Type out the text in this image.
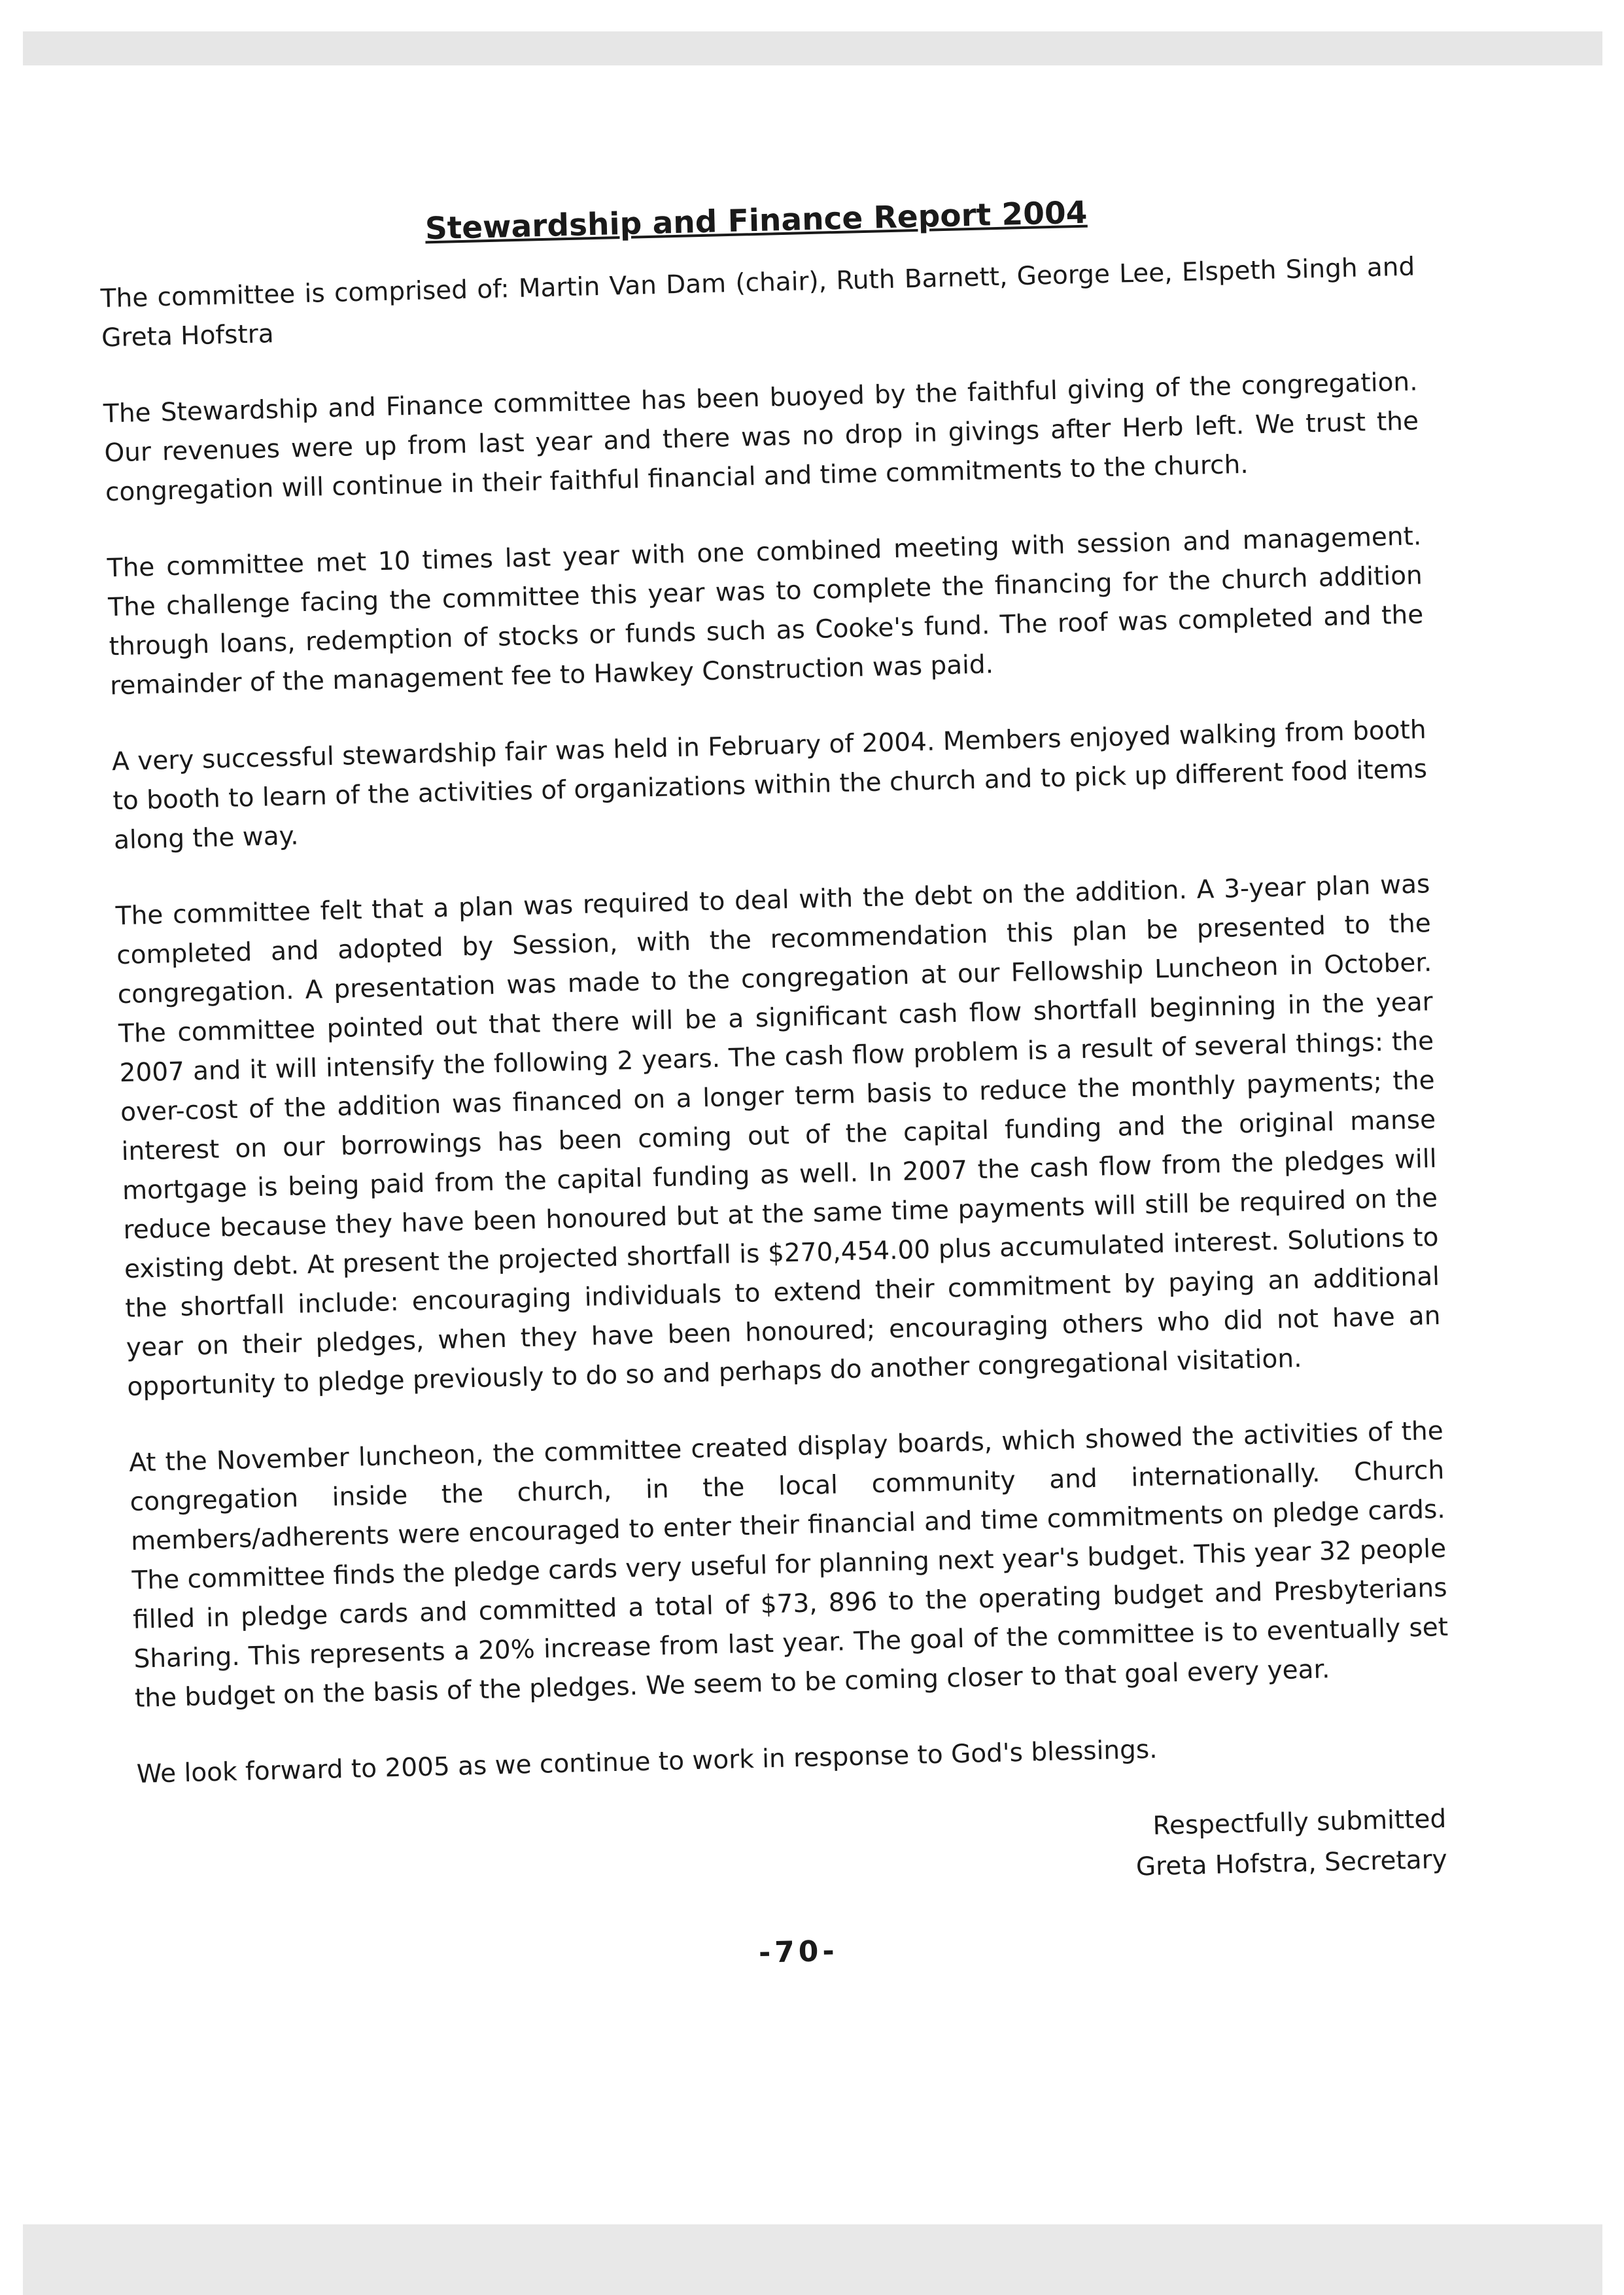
Stewardship and Finance Report 2004

The committee is comprised of: Martin Van Dam (chair), Ruth Barnett, George Lee, Elspeth Singh and Greta Hofstra

The Stewardship and Finance committee has been buoyed by the faithful giving of the congregation. Our revenues were up from last year and there was no drop in givings after Herb left. We trust the congregation will continue in their faithful financial and time commitments to the church.

The committee met 10 times last year with one combined meeting with session and management. The challenge facing the committee this year was to complete the financing for the church addition through loans, redemption of stocks or funds such as Cooke's fund. The roof was completed and the remainder of the management fee to Hawkey Construction was paid.

A very successful stewardship fair was held in February of 2004. Members enjoyed walking from booth to booth to learn of the activities of organizations within the church and to pick up different food items along the way.

The committee felt that a plan was required to deal with the debt on the addition. A 3-year plan was completed and adopted by Session, with the recommendation this plan be presented to the congregation. A presentation was made to the congregation at our Fellowship Luncheon in October. The committee pointed out that there will be a significant cash flow shortfall beginning in the year 2007 and it will intensify the following 2 years. The cash flow problem is a result of several things: the over-cost of the addition was financed on a longer term basis to reduce the monthly payments; the interest on our borrowings has been coming out of the capital funding and the original manse mortgage is being paid from the capital funding as well. In 2007 the cash flow from the pledges will reduce because they have been honoured but at the same time payments will still be required on the existing debt. At present the projected shortfall is $270,454.00 plus accumulated interest. Solutions to the shortfall include: encouraging individuals to extend their commitment by paying an additional year on their pledges, when they have been honoured; encouraging others who did not have an opportunity to pledge previously to do so and perhaps do another congregational visitation.

At the November luncheon, the committee created display boards, which showed the activities of the congregation inside the church, in the local community and internationally. Church members/adherents were encouraged to enter their financial and time commitments on pledge cards. The committee finds the pledge cards very useful for planning next year's budget. This year 32 people filled in pledge cards and committed a total of $73, 896 to the operating budget and Presbyterians Sharing. This represents a 20% increase from last year. The goal of the committee is to eventually set the budget on the basis of the pledges. We seem to be coming closer to that goal every year.

We look forward to 2005 as we continue to work in response to God's blessings.

Respectfully submitted
Greta Hofstra, Secretary
-70-
